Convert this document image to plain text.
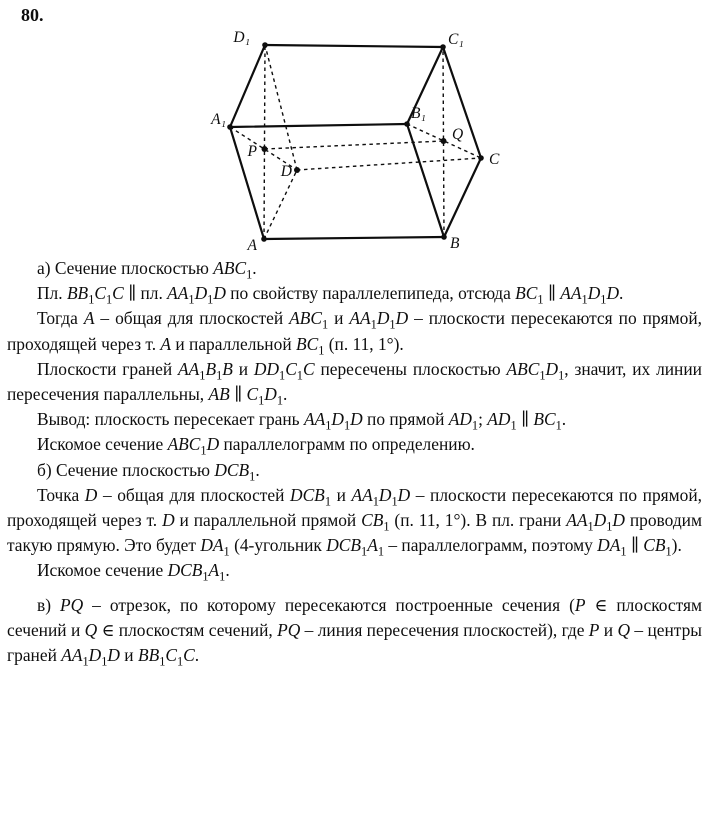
80.
D₁	C₁
A₁	B₁
Q
C
P
D
A	B

а) Сечение плоскостью $ABC_1$.

Пл. $BB_1C_1C$ ∥ пл. $AA_1D_1D$ по свойству параллелепипеда, отсюда $BC_1$ ∥ $AA_1D_1D$.

Тогда A – общая для плоскостей $ABC_1$ и $AA_1D_1D$ – плоскости пересекаются по прямой, проходящей через т. A и параллельной $BC_1$ (п. 11, 1°).

Плоскости граней $AA_1B_1B$ и $DD_1C_1C$ пересечены плоскостью $ABC_1D_1$, значит, их линии пересечения параллельны, AB ∥ $C_1D_1$.

Вывод: плоскость пересекает грань $AA_1D_1D$ по прямой $AD_1$; $AD_1$ ∥ $BC_1$.

Искомое сечение $ABC_1D$ параллелограмм по определению.

б) Сечение плоскостью $DCB_1$.

Точка D – общая для плоскостей $DCB_1$ и $AA_1D_1D$ – плоскости пересекаются по прямой, проходящей через т. D и параллельной прямой $CB_1$ (п. 11, 1°). В пл. грани $AA_1D_1D$ проводим такую прямую. Это будет $DA_1$ (4-угольник $DCB_1A_1$ – параллелограмм, поэтому $DA_1$ ∥ $CB_1$).

Искомое сечение $DCB_1A_1$.

в) PQ – отрезок, по которому пересекаются построенные сечения (P ∈ плоскостям сечений и Q ∈ плоскостям сечений, PQ – линия пересечения плоскостей), где P и Q – центры граней $AA_1D_1D$ и $BB_1C_1C$.
